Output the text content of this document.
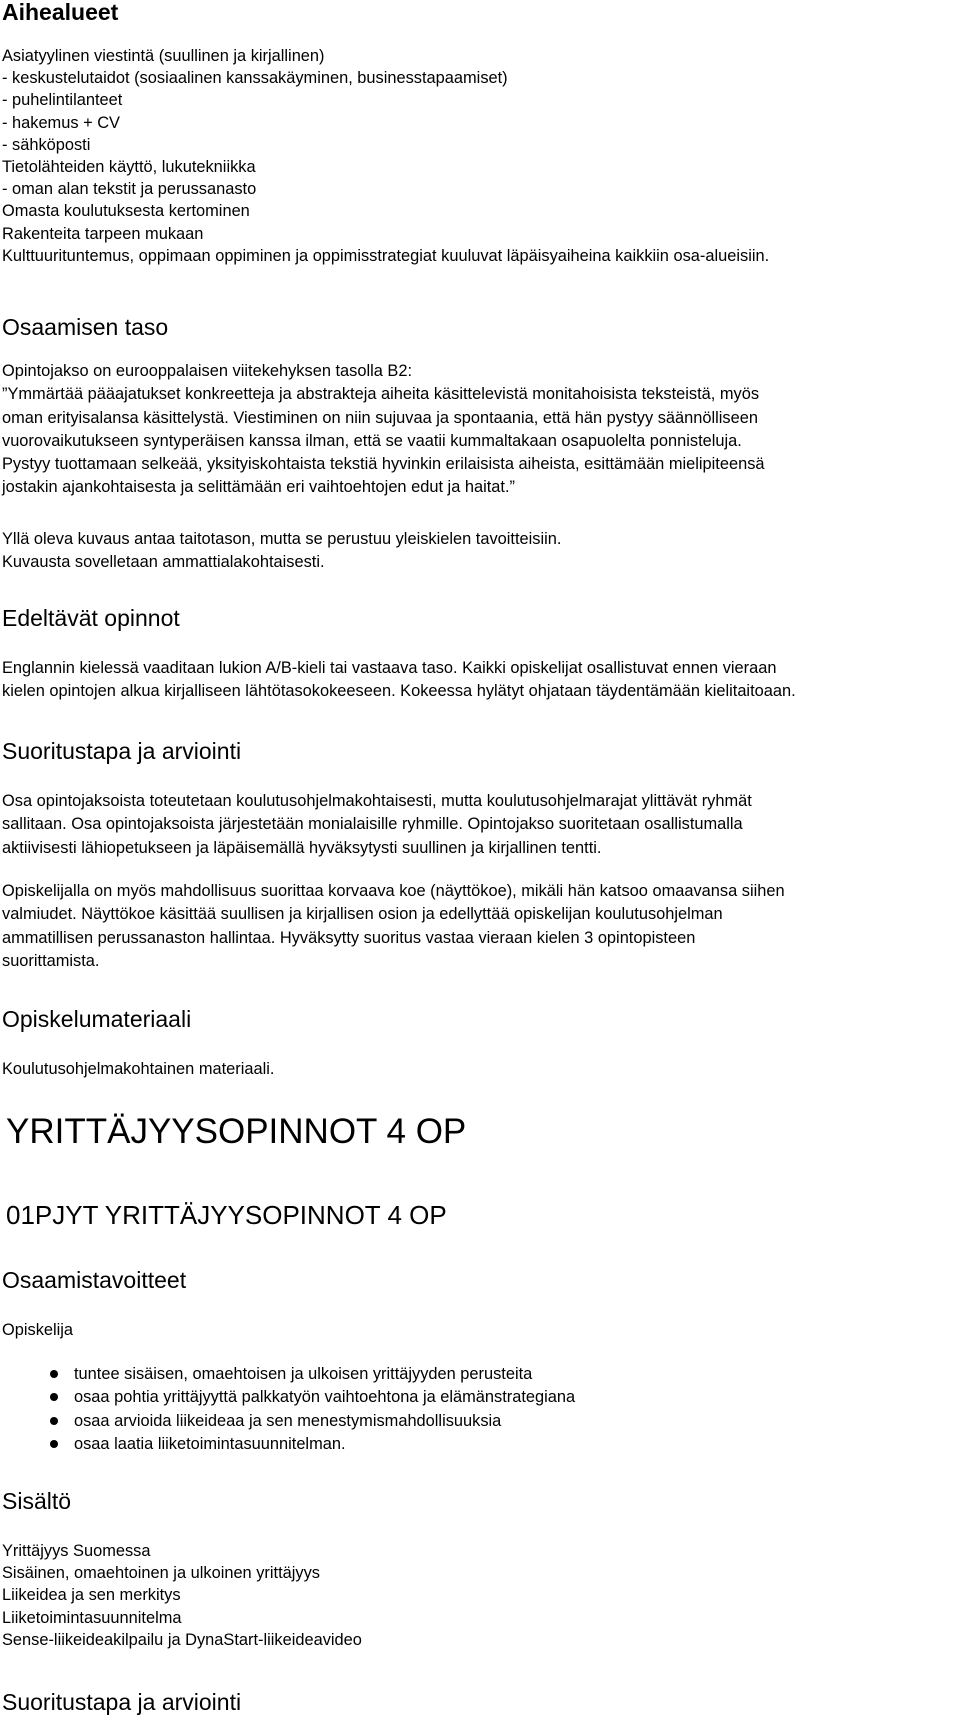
Aihealueet
Asiatyylinen viestintä (suullinen ja kirjallinen)
- keskustelutaidot (sosiaalinen kanssakäyminen, businesstapaamiset)
- puhelintilanteet
- hakemus + CV
- sähköposti
Tietolähteiden käyttö, lukutekniikka
- oman alan tekstit ja perussanasto
Omasta koulutuksesta kertominen
Rakenteita tarpeen mukaan
Kulttuurituntemus, oppimaan oppiminen ja oppimisstrategiat kuuluvat läpäisyaiheina kaikkiin osa-alueisiin.
Osaamisen taso
Opintojakso on eurooppalaisen viitekehyksen tasolla B2:
”Ymmärtää pääajatukset konkreetteja ja abstrakteja aiheita käsittelevistä monitahoisista teksteistä, myös
oman erityisalansa käsittelystä. Viestiminen on niin sujuvaa ja spontaania, että hän pystyy säännölliseen
vuorovaikutukseen syntyperäisen kanssa ilman, että se vaatii kummaltakaan osapuolelta ponnisteluja.
Pystyy tuottamaan selkeää, yksityiskohtaista tekstiä hyvinkin erilaisista aiheista, esittämään mielipiteensä
jostakin ajankohtaisesta ja selittämään eri vaihtoehtojen edut ja haitat.”
Yllä oleva kuvaus antaa taitotason, mutta se perustuu yleiskielen tavoitteisiin.
Kuvausta sovelletaan ammattialakohtaisesti.
Edeltävät opinnot
Englannin kielessä vaaditaan lukion A/B-kieli tai vastaava taso. Kaikki opiskelijat osallistuvat ennen vieraan
kielen opintojen alkua kirjalliseen lähtötasokokeeseen. Kokeessa hylätyt ohjataan täydentämään kielitaitoaan.
Suoritustapa ja arviointi
Osa opintojaksoista toteutetaan koulutusohjelmakohtaisesti, mutta koulutusohjelmarajat ylittävät ryhmät
sallitaan. Osa opintojaksoista järjestetään monialaisille ryhmille. Opintojakso suoritetaan osallistumalla
aktiivisesti lähiopetukseen ja läpäisemällä hyväksytysti suullinen ja kirjallinen tentti.
Opiskelijalla on myös mahdollisuus suorittaa korvaava koe (näyttökoe), mikäli hän katsoo omaavansa siihen
valmiudet. Näyttökoe käsittää suullisen ja kirjallisen osion ja edellyttää opiskelijan koulutusohjelman
ammatillisen perussanaston hallintaa. Hyväksytty suoritus vastaa vieraan kielen 3 opintopisteen
suorittamista.
Opiskelumateriaali
Koulutusohjelmakohtainen materiaali.
YRITTÄJYYSOPINNOT 4 OP
01PJYT YRITTÄJYYSOPINNOT 4 OP
Osaamistavoitteet
Opiskelija
tuntee sisäisen, omaehtoisen ja ulkoisen yrittäjyyden perusteita
osaa pohtia yrittäjyyttä palkkatyön vaihtoehtona ja elämänstrategiana
osaa arvioida liikeideaa ja sen menestymismahdollisuuksia
osaa laatia liiketoimintasuunnitelman.
Sisältö
Yrittäjyys Suomessa
Sisäinen, omaehtoinen ja ulkoinen yrittäjyys
Liikeidea ja sen merkitys
Liiketoimintasuunnitelma
Sense-liikeideakilpailu ja DynaStart-liikeideavideo
Suoritustapa ja arviointi
